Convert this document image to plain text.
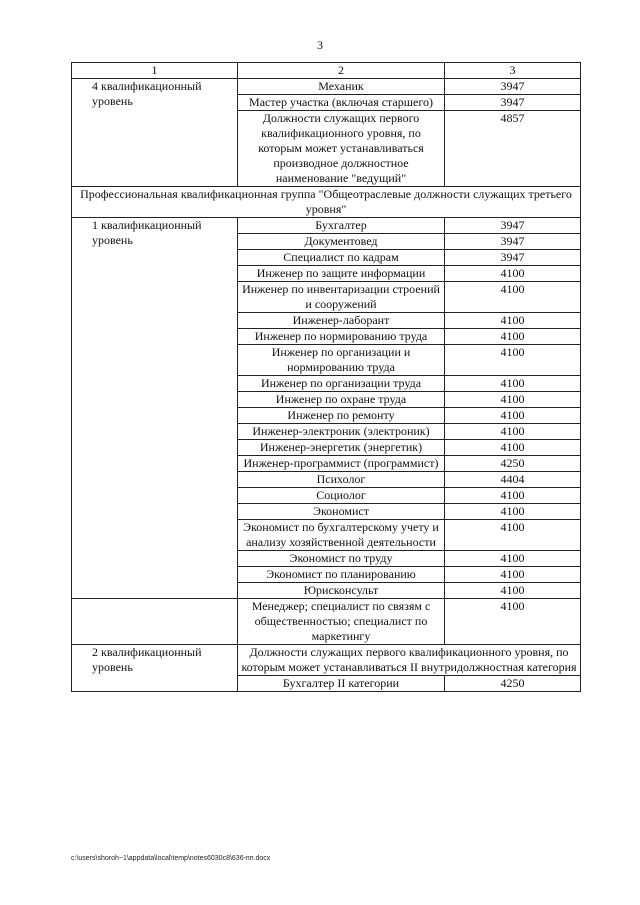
3
1	2	3
4 квалификационный уровень	Механик	3947
	Мастер участка (включая старшего)	3947
	Должности служащих первого квалификационного уровня, по которым может устанавливаться производное должностное наименование "ведущий"	4857
Профессиональная квалификационная группа "Общеотраслевые должности служащих третьего уровня"		
1 квалификационный уровень	Бухгалтер	3947
	Документовед	3947
	Специалист по кадрам	3947
	Инженер по защите информации	4100
	Инженер по инвентаризации строений и сооружений	4100
	Инженер-лаборант	4100
	Инженер по нормированию труда	4100
	Инженер по организации и нормированию труда	4100
	Инженер по организации труда	4100
	Инженер по охране труда	4100
	Инженер по ремонту	4100
	Инженер-электроник (электроник)	4100
	Инженер-энергетик (энергетик)	4100
	Инженер-программист (программист)	4250
	Психолог	4404
	Социолог	4100
	Экономист	4100
	Экономист по бухгалтерскому учету и анализу хозяйственной деятельности	4100
	Экономист по труду	4100
	Экономист по планированию	4100
	Юрисконсульт	4100
	Менеджер; специалист по связям с общественностью; специалист по маркетингу	4100
2 квалификационный уровень	Должности служащих первого квалификационного уровня, по которым может устанавливаться II внутридолжностная категория	
	Бухгалтер II категории	4250
c:\users\shoroh~1\appdata\local\temp\notes6030c8\636-пп.docx
